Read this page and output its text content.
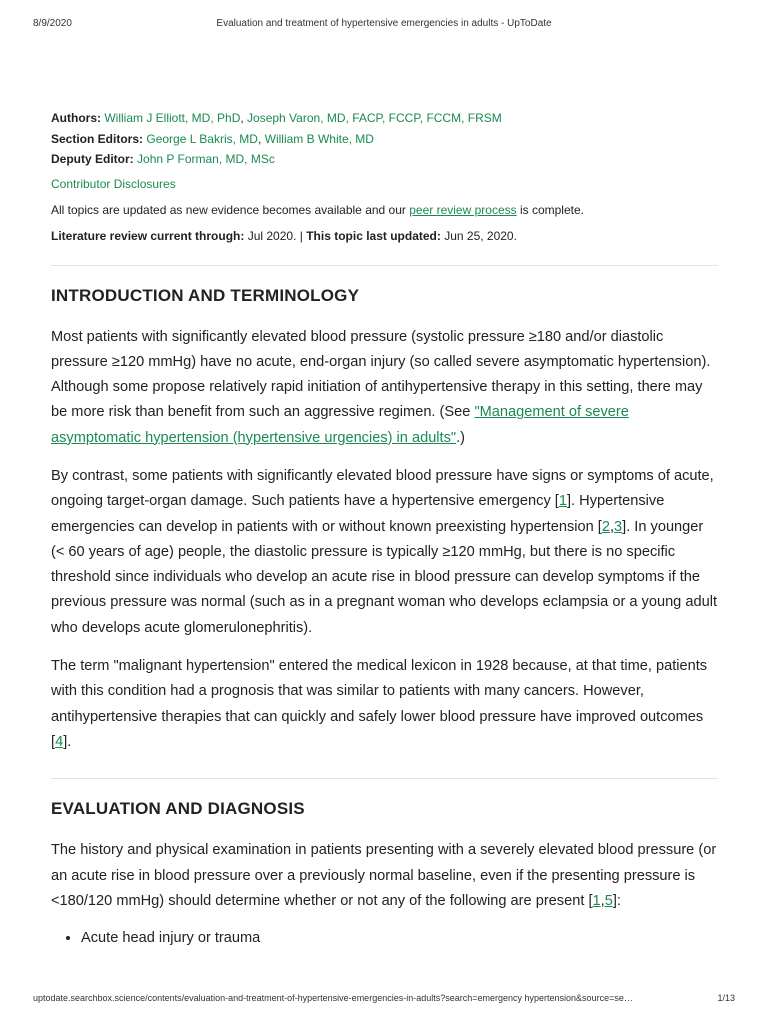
8/9/2020	Evaluation and treatment of hypertensive emergencies in adults - UpToDate
Authors: William J Elliott, MD, PhD, Joseph Varon, MD, FACP, FCCP, FCCM, FRSM
Section Editors: George L Bakris, MD, William B White, MD
Deputy Editor: John P Forman, MD, MSc
Contributor Disclosures
All topics are updated as new evidence becomes available and our peer review process is complete.
Literature review current through: Jul 2020. | This topic last updated: Jun 25, 2020.
INTRODUCTION AND TERMINOLOGY

Most patients with significantly elevated blood pressure (systolic pressure ≥180 and/or diastolic pressure ≥120 mmHg) have no acute, end-organ injury (so called severe asymptomatic hypertension). Although some propose relatively rapid initiation of antihypertensive therapy in this setting, there may be more risk than benefit from such an aggressive regimen. (See "Management of severe asymptomatic hypertension (hypertensive urgencies) in adults".)

By contrast, some patients with significantly elevated blood pressure have signs or symptoms of acute, ongoing target-organ damage. Such patients have a hypertensive emergency [1]. Hypertensive emergencies can develop in patients with or without known preexisting hypertension [2,3]. In younger (< 60 years of age) people, the diastolic pressure is typically ≥120 mmHg, but there is no specific threshold since individuals who develop an acute rise in blood pressure can develop symptoms if the previous pressure was normal (such as in a pregnant woman who develops eclampsia or a young adult who develops acute glomerulonephritis).

The term "malignant hypertension" entered the medical lexicon in 1928 because, at that time, patients with this condition had a prognosis that was similar to patients with many cancers. However, antihypertensive therapies that can quickly and safely lower blood pressure have improved outcomes [4].

EVALUATION AND DIAGNOSIS

The history and physical examination in patients presenting with a severely elevated blood pressure (or an acute rise in blood pressure over a previously normal baseline, even if the presenting pressure is <180/120 mmHg) should determine whether or not any of the following are present [1,5]:

• Acute head injury or trauma
uptodate.searchbox.science/contents/evaluation-and-treatment-of-hypertensive-emergencies-in-adults?search=emergency hypertension&source=se…	1/13
